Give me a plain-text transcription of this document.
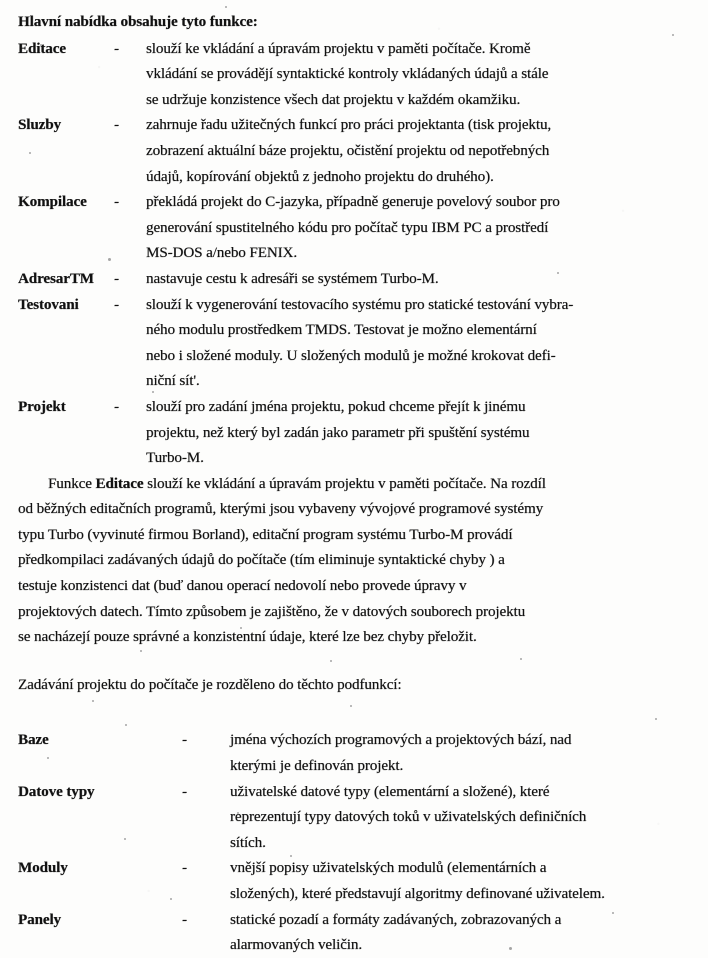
Hlavní nabídka obsahuje tyto funkce:
Editace	-	slouží ke vkládání a úpravám projektu v paměti počítače. Kromě

vkládání se provádějí syntaktické kontroly vkládaných údajů a stále

se udržuje konzistence všech dat projektu v každém okamžiku.

Sluzby	-	zahrnuje řadu užitečných funkcí pro práci projektanta (tisk projektu,

zobrazení aktuální báze projektu, očistění projektu od nepotřebných

údajů, kopírování objektů z jednoho projektu do druhého).

Kompilace	-	překládá projekt do C-jazyka, případně generuje povelový soubor pro

generování spustitelného kódu pro počítač typu IBM PC a prostředí

MS-DOS a/nebo FENIX.

AdresarTM	-	nastavuje cestu k adresáři se systémem Turbo-M.

Testovani	-	slouží k vygenerování testovacího systému pro statické testování vybra-

ného modulu prostředkem TMDS. Testovat je možno elementární

nebo i složené moduly. U složených modulů je možné krokovat defi-

niční sít'.

Projekt	-	slouží pro zadání jména projektu, pokud chceme přejít k jinému

projektu, než který byl zadán jako parametr při spuštění systému

Turbo-M.

Funkce Editace slouží ke vkládání a úpravám projektu v paměti počítače. Na rozdíl

od běžných editačních programů, kterými jsou vybaveny vývojové programové systémy

typu Turbo (vyvinuté firmou Borland), editační program systému Turbo-M provádí

předkompilaci zadávaných údajů do počítače (tím eliminuje syntaktické chyby ) a

testuje konzistenci dat (buď danou operací nedovolí nebo provede úpravy v

projektových datech. Tímto způsobem je zajištěno, že v datových souborech projektu

se nacházejí pouze správné a konzistentní údaje, které lze bez chyby přeložit.

Zadávání projektu do počítače je rozděleno do těchto podfunkcí:
Baze	-	jména výchozích programových a projektových bází, nad

kterými je definován projekt.

Datove typy	-	uživatelské datové typy (elementární a složené), které

reprezentují typy datových toků v uživatelských definičních

sítích.

Moduly	-	vnější popisy uživatelských modulů (elementárních a

složených), které představují algoritmy definované uživatelem.

Panely	-	statické pozadí a formáty zadávaných, zobrazovaných a

alarmovaných veličin.
